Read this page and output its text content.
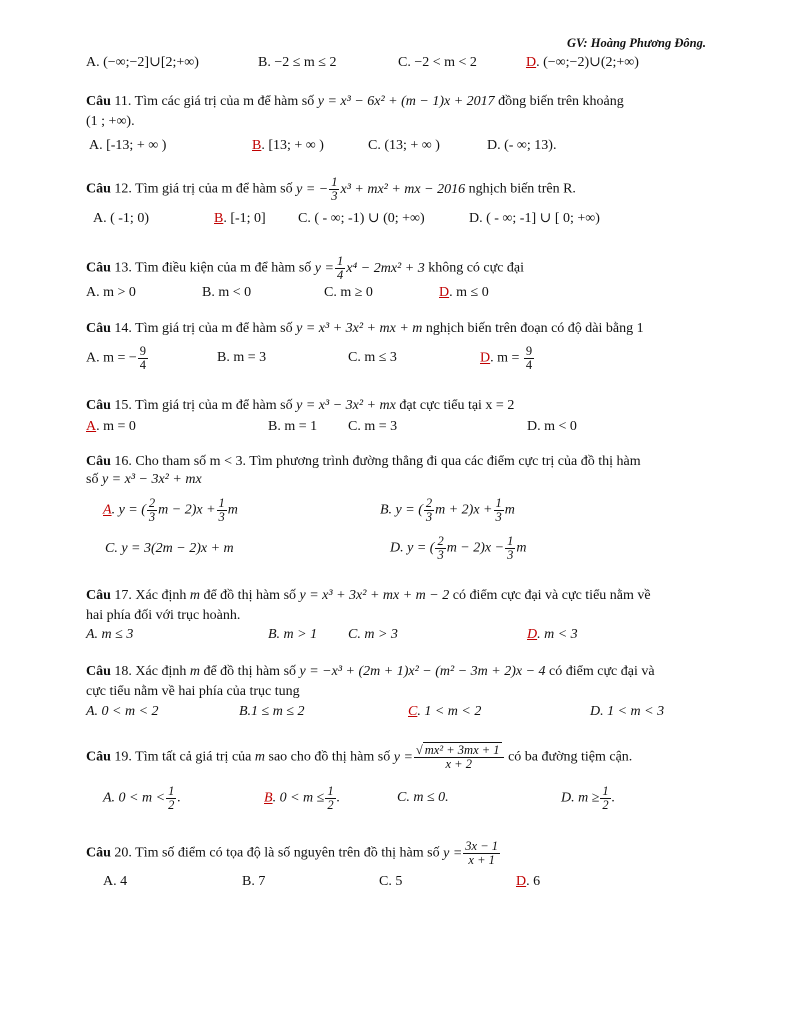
GV: Hoàng Phương Đông.
A. (−∞;−2]∪[2;+∞)	B. −2 ≤ m ≤ 2	C. −2 < m < 2	D. (−∞;−2)∪(2;+∞)
Câu 11. Tìm các giá trị của m để hàm số y = x³ − 6x² + (m − 1)x + 2017 đồng biến trên khoảng
(1 ; +∞).
A. [-13; + ∞ )	B. [13; + ∞ )	C. (13; + ∞ )	D. (- ∞; 13).
Câu 12. Tìm giá trị của m để hàm số y = − $\frac{1}{3} x^3 + mx^2$ + mx − 2016 nghịch biến trên R.
A. ( -1; 0)	B. [-1; 0] C. ( - ∞; -1) ∪ (0; +∞)	D. ( - ∞; -1] ∪ [ 0; +∞)
Câu 13. Tìm điều kiện của m để hàm số $y = \frac{1}{4} x^4 - 2mx^2 + 3$ không có cực đại
A. m > 0	B. m < 0	C. m ≥ 0	D. m ≤ 0
Câu 14. Tìm giá trị của m để hàm số y = x³ + 3x² + mx + m nghịch biến trên đoạn có độ dài bằng 1
A. m = − $\frac{9}{4}$	B. m = 3	C. m ≤ 3	D. $m = \frac{9}{4}$
Câu 15. Tìm giá trị của m để hàm số y = x³ − 3x² + mx đạt cực tiểu tại x = 2
A. m = 0	B. m = 1 C. m = 3	D. m < 0
Câu 16. Cho tham số m < 3. Tìm phương trình đường thẳng đi qua các điểm cực trị của đồ thị hàm
số y = x³ − 3x² + mx
A. y = ( $\frac{2}{3}$ $m - 2)x + \frac{1}{3}$ m	B. y = ( $\frac{2}{3}$ $m + 2)x + \frac{1}{3}$ m
C. y = 3(2m − 2)x + m	D. y = ( $\frac{2}{3}$ $m - 2)x - \frac{1}{3}$ m
Câu 17. Xác định m để đồ thị hàm số y = x³ + 3x² + mx + m − 2 có điểm cực đại và cực tiểu nằm về
hai phía đối với trục hoành.
A. m ≤ 3	B. m > 1 C. m > 3	D. m < 3
Câu 18. Xác định m để đồ thị hàm số y = −x³ + (2m + 1)x² − (m² − 3m + 2)x − 4 có điểm cực đại và
cực tiểu nằm về hai phía của trục tung
A. 0 < m < 2	B.1 ≤ m ≤ 2	C. 1 < m < 2	D. 1 < m < 3
Câu 19. Tìm tất cả giá trị của m sao cho đồ thị hàm số $y = \frac{\text{√ mx² + 3mx + 1}}{x + 2}$ có ba đường tiệm cận.
A. $0 < m < \frac{1}{2}$ .	B. $0 < m \le \frac{1}{2}$ .	C. m ≤ 0.	D. $m \ge \frac{1}{2}$ .
Câu 20. Tìm số điểm có tọa độ là số nguyên trên đồ thị hàm số $y = \frac{3x - 1}{x + 1}$
A. 4	B. 7	C. 5	D. 6
